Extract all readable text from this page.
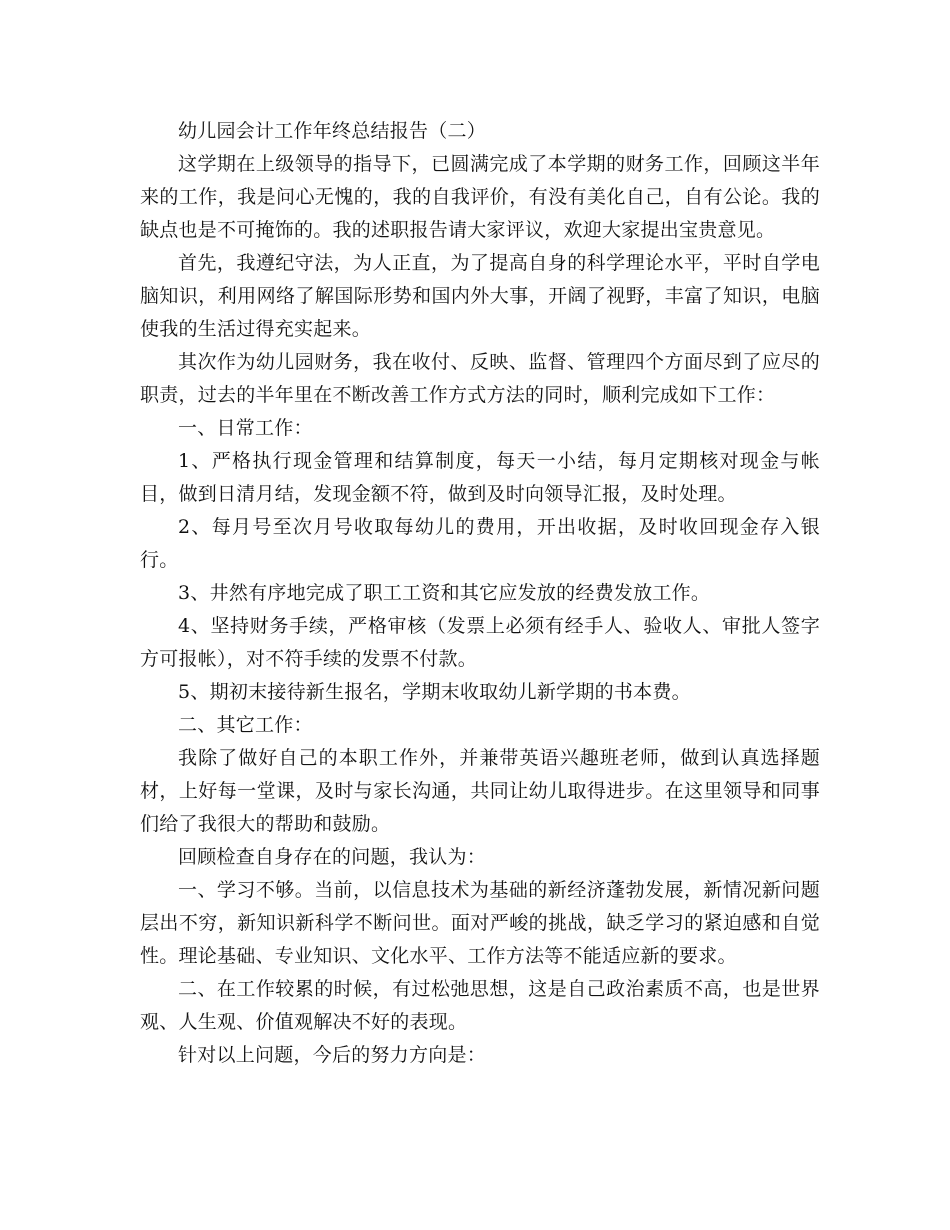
幼儿园会计工作年终总结报告（二）

这学期在上级领导的指导下，已圆满完成了本学期的财务工作，回顾这半年来的工作，我是问心无愧的，我的自我评价，有没有美化自己，自有公论。我的缺点也是不可掩饰的。我的述职报告请大家评议，欢迎大家提出宝贵意见。

首先，我遵纪守法，为人正直，为了提高自身的科学理论水平，平时自学电脑知识，利用网络了解国际形势和国内外大事，开阔了视野，丰富了知识，电脑使我的生活过得充实起来。

其次作为幼儿园财务，我在收付、反映、监督、管理四个方面尽到了应尽的职责，过去的半年里在不断改善工作方式方法的同时，顺利完成如下工作：

一、日常工作：

1、严格执行现金管理和结算制度，每天一小结，每月定期核对现金与帐目，做到日清月结，发现金额不符，做到及时向领导汇报，及时处理。

2、每月号至次月号收取每幼儿的费用，开出收据，及时收回现金存入银行。

3、井然有序地完成了职工工资和其它应发放的经费发放工作。

4、坚持财务手续，严格审核（发票上必须有经手人、验收人、审批人签字方可报帐），对不符手续的发票不付款。

5、期初末接待新生报名，学期末收取幼儿新学期的书本费。

二、其它工作：

我除了做好自己的本职工作外，并兼带英语兴趣班老师，做到认真选择题材，上好每一堂课，及时与家长沟通，共同让幼儿取得进步。在这里领导和同事们给了我很大的帮助和鼓励。

回顾检查自身存在的问题，我认为：

一、学习不够。当前，以信息技术为基础的新经济蓬勃发展，新情况新问题层出不穷，新知识新科学不断问世。面对严峻的挑战，缺乏学习的紧迫感和自觉性。理论基础、专业知识、文化水平、工作方法等不能适应新的要求。

二、在工作较累的时候，有过松弛思想，这是自己政治素质不高，也是世界观、人生观、价值观解决不好的表现。

针对以上问题，今后的努力方向是：
